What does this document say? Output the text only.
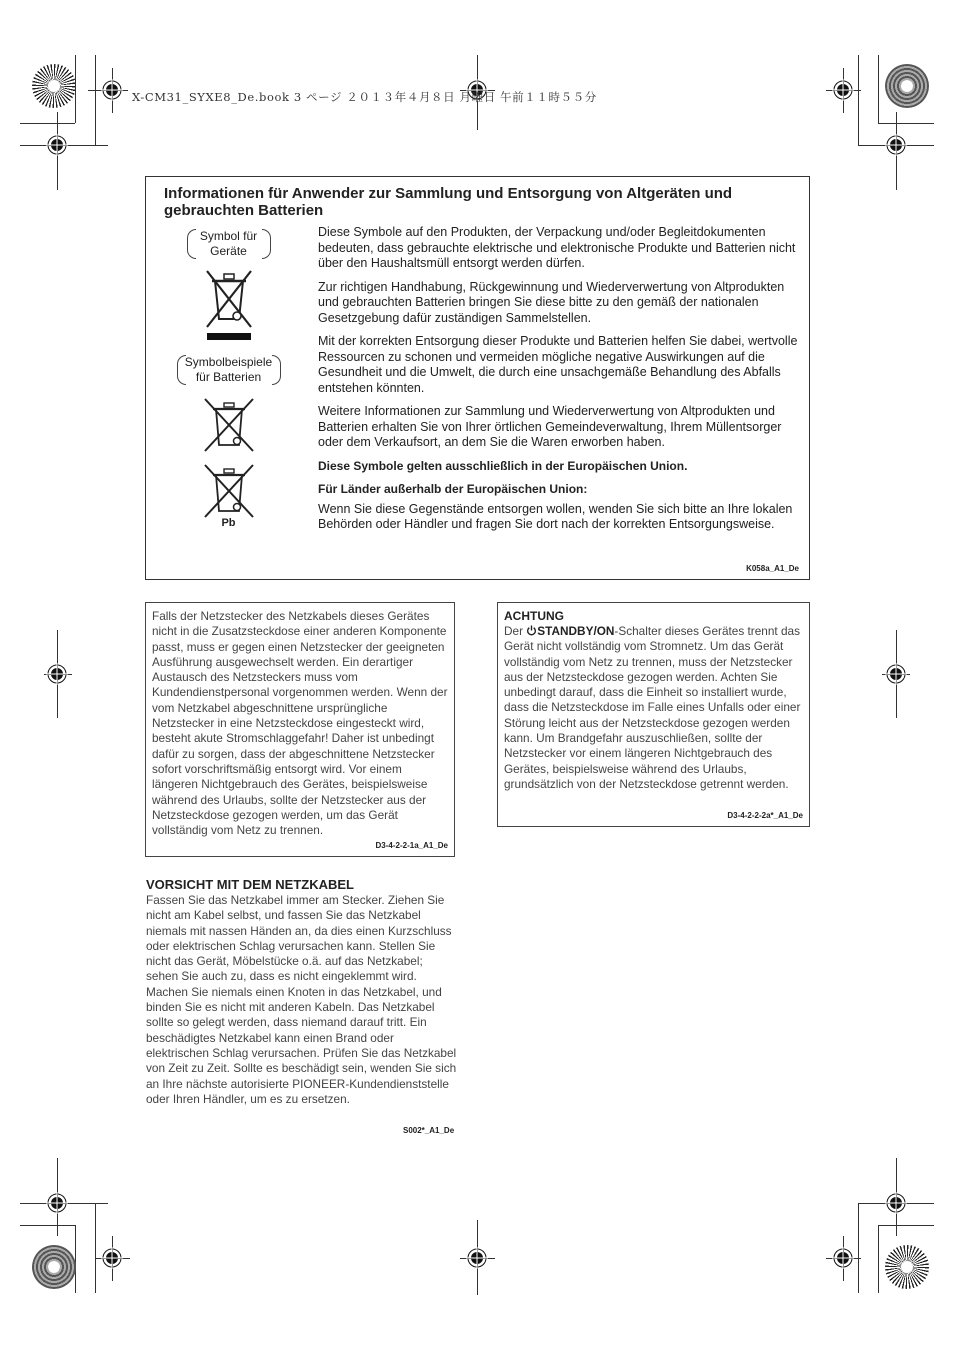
X-CM31_SYXE8_De.book 3 ページ ２０１３年４月８日 月曜日 午前１１時５５分
Informationen für Anwender zur Sammlung und Entsorgung von Altgeräten und gebrauchten Batterien
Symbol für
Geräte
Symbolbeispiele
für Batterien
Pb

Diese Symbole auf den Produkten, der Verpackung und/oder Begleitdokumenten bedeuten, dass gebrauchte elektrische und elektronische Produkte und Batterien nicht über den Haushaltsmüll entsorgt werden dürfen.

Zur richtigen Handhabung, Rückgewinnung und Wiederverwertung von Altprodukten und gebrauchten Batterien bringen Sie diese bitte zu den gemäß der nationalen Gesetzgebung dafür zuständigen Sammelstellen.

Mit der korrekten Entsorgung dieser Produkte und Batterien helfen Sie dabei, wertvolle Ressourcen zu schonen und vermeiden mögliche negative Auswirkungen auf die Gesundheit und die Umwelt, die durch eine unsachgemäße Behandlung des Abfalls entstehen könnten.

Weitere Informationen zur Sammlung und Wiederverwertung von Altprodukten und Batterien erhalten Sie von Ihrer örtlichen Gemeindeverwaltung, Ihrem Müllentsorger oder dem Verkaufsort, an dem Sie die Waren erworben haben.

Diese Symbole gelten ausschließlich in der Europäischen Union.

Für Länder außerhalb der Europäischen Union:

Wenn Sie diese Gegenstände entsorgen wollen, wenden Sie sich bitte an Ihre lokalen Behörden oder Händler und fragen Sie dort nach der korrekten Entsorgungsweise.

K058a_A1_De
Falls der Netzstecker des Netzkabels dieses Gerätes nicht in die Zusatzsteckdose einer anderen Komponente passt, muss er gegen einen Netzstecker der geeigneten Ausführung ausgewechselt werden. Ein derartiger Austausch des Netzsteckers muss vom Kundendienstpersonal vorgenommen werden. Wenn der vom Netzkabel abgeschnittene ursprüngliche Netzstecker in eine Netzsteckdose eingesteckt wird, besteht akute Stromschlaggefahr! Daher ist unbedingt dafür zu sorgen, dass der abgeschnittene Netzstecker sofort vorschriftsmäßig entsorgt wird. Vor einem längeren Nichtgebrauch des Gerätes, beispielsweise während des Urlaubs, sollte der Netzstecker aus der Netzsteckdose gezogen werden, um das Gerät vollständig vom Netz zu trennen.
D3-4-2-2-1a_A1_De
ACHTUNG
Der STANDBY/ON-Schalter dieses Gerätes trennt das Gerät nicht vollständig vom Stromnetz. Um das Gerät vollständig vom Netz zu trennen, muss der Netzstecker aus der Netzsteckdose gezogen werden. Achten Sie unbedingt darauf, dass die Einheit so installiert wurde, dass die Netzsteckdose im Falle eines Unfalls oder einer Störung leicht aus der Netzsteckdose gezogen werden kann. Um Brandgefahr auszuschließen, sollte der Netzstecker vor einem längeren Nichtgebrauch des Gerätes, beispielsweise während des Urlaubs, grundsätzlich von der Netzsteckdose getrennt werden.
D3-4-2-2-2a*_A1_De
VORSICHT MIT DEM NETZKABEL
Fassen Sie das Netzkabel immer am Stecker. Ziehen Sie nicht am Kabel selbst, und fassen Sie das Netzkabel niemals mit nassen Händen an, da dies einen Kurzschluss oder elektrischen Schlag verursachen kann. Stellen Sie nicht das Gerät, Möbelstücke o.ä. auf das Netzkabel; sehen Sie auch zu, dass es nicht eingeklemmt wird. Machen Sie niemals einen Knoten in das Netzkabel, und binden Sie es nicht mit anderen Kabeln. Das Netzkabel sollte so gelegt werden, dass niemand darauf tritt. Ein beschädigtes Netzkabel kann einen Brand oder elektrischen Schlag verursachen. Prüfen Sie das Netzkabel von Zeit zu Zeit. Sollte es beschädigt sein, wenden Sie sich an Ihre nächste autorisierte PIONEER-Kundendienststelle oder Ihren Händler, um es zu ersetzen.
S002*_A1_De
